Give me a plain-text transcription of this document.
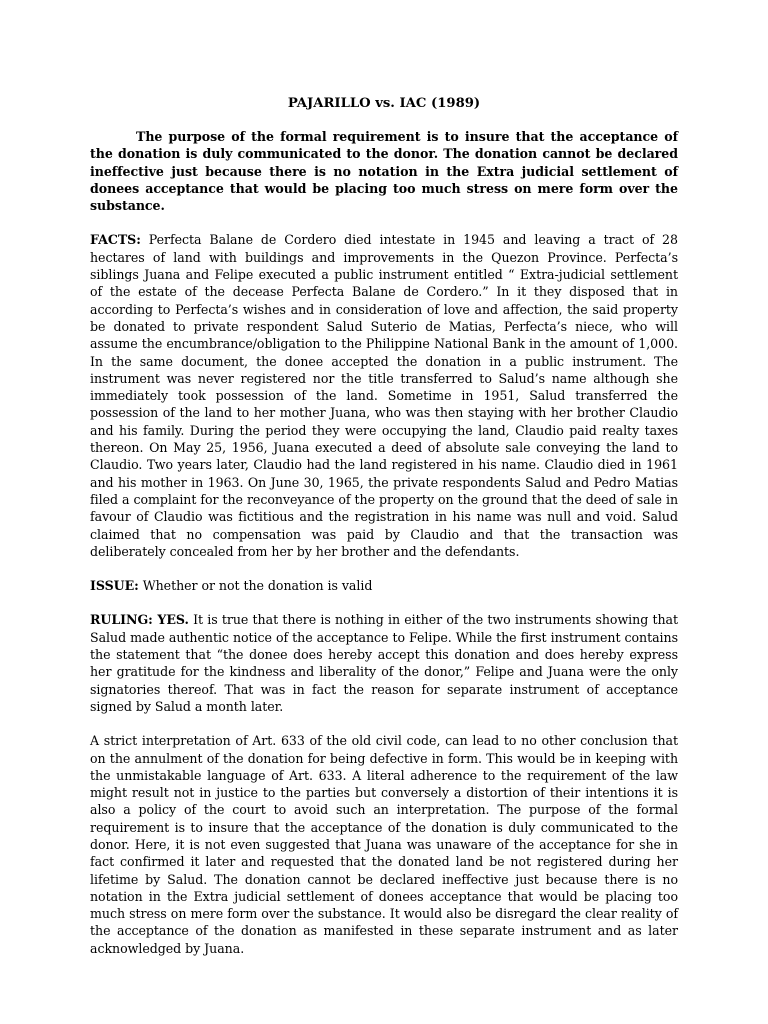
PAJARILLO vs. IAC (1989)

The purpose of the formal requirement is to insure that the acceptance of the donation is duly communicated to the donor. The donation cannot be declared ineffective just because there is no notation in the Extra judicial settlement of donees acceptance that would be placing too much stress on mere form over the substance.

FACTS: Perfecta Balane de Cordero died intestate in 1945 and leaving a tract of 28 hectares of land with buildings and improvements in the Quezon Province. Perfecta’s siblings Juana and Felipe executed a public instrument entitled “ Extra-judicial settlement of the estate of the decease Perfecta Balane de Cordero.” In it they disposed that in according to Perfecta’s wishes and in consideration of love and affection, the said property be donated to private respondent Salud Suterio de Matias, Perfecta’s niece, who will assume the encumbrance/obligation to the Philippine National Bank in the amount of 1,000. In the same document, the donee accepted the donation in a public instrument. The instrument was never registered nor the title transferred to Salud’s name although she immediately took possession of the land. Sometime in 1951, Salud transferred the possession of the land to her mother Juana, who was then staying with her brother Claudio and his family. During the period they were occupying the land, Claudio paid realty taxes thereon. On May 25, 1956, Juana executed a deed of absolute sale conveying the land to Claudio. Two years later, Claudio had the land registered in his name. Claudio died in 1961 and his mother in 1963. On June 30, 1965, the private respondents Salud and Pedro Matias filed a complaint for the reconveyance of the property on the ground that the deed of sale in favour of Claudio was fictitious and the registration in his name was null and void. Salud claimed that no compensation was paid by Claudio and that the transaction was deliberately concealed from her by her brother and the defendants.

ISSUE: Whether or not the donation is valid

RULING: YES. It is true that there is nothing in either of the two instruments showing that Salud made authentic notice of the acceptance to Felipe. While the first instrument contains the statement that “the donee does hereby accept this donation and does hereby express her gratitude for the kindness and liberality of the donor,” Felipe and Juana were the only signatories thereof. That was in fact the reason for separate instrument of acceptance signed by Salud a month later.

A strict interpretation of Art. 633 of the old civil code, can lead to no other conclusion that on the annulment of the donation for being defective in form. This would be in keeping with the unmistakable language of Art. 633. A literal adherence to the requirement of the law might result not in justice to the parties but conversely a distortion of their intentions it is also a policy of the court to avoid such an interpretation. The purpose of the formal requirement is to insure that the acceptance of the donation is duly communicated to the donor. Here, it is not even suggested that Juana was unaware of the acceptance for she in fact confirmed it later and requested that the donated land be not registered during her lifetime by Salud. The donation cannot be declared ineffective just because there is no notation in the Extra judicial settlement of donees acceptance that would be placing too much stress on mere form over the substance. It would also be disregard the clear reality of the acceptance of the donation as manifested in these separate instrument and as later acknowledged by Juana.
